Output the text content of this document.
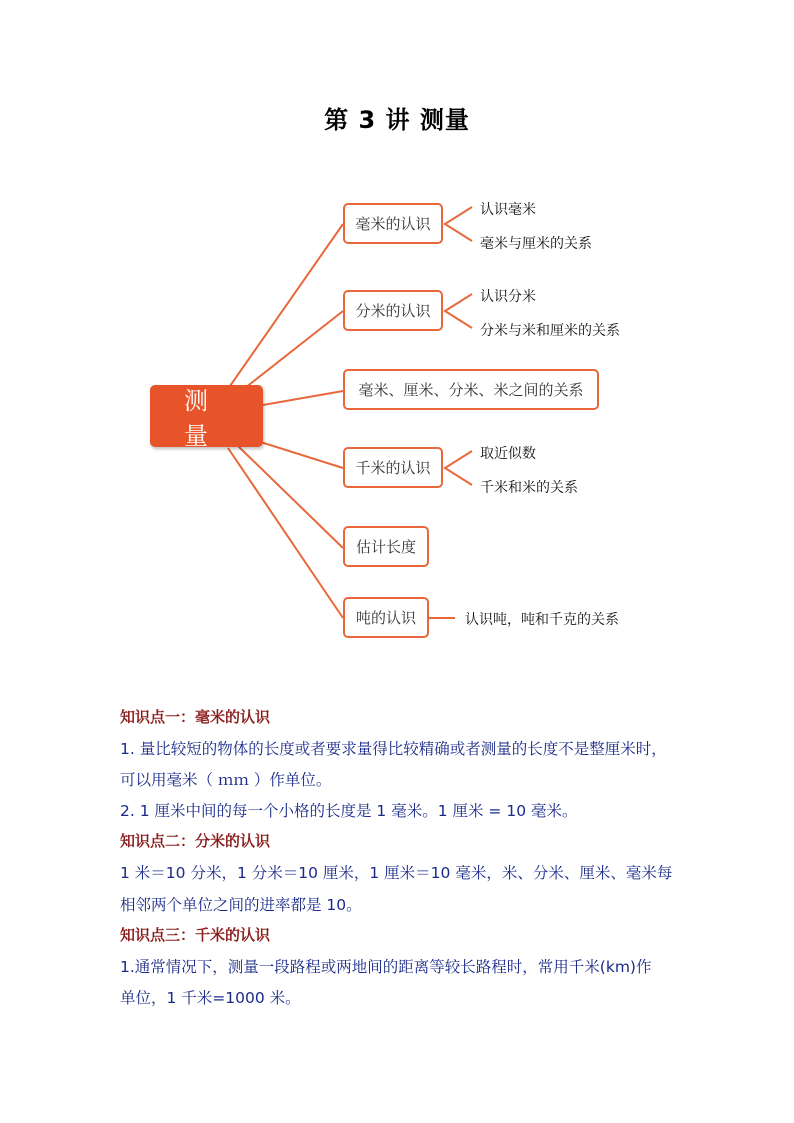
第 3 讲 测量
测 量
毫米的认识
分米的认识
毫米、厘米、分米、米之间的关系
千米的认识
估计长度
吨的认识
认识毫米
毫米与厘米的关系
认识分米
分米与米和厘米的关系
取近似数
千米和米的关系
认识吨，吨和千克的关系
知识点一：毫米的认识
1. 量比较短的物体的长度或者要求量得比较精确或者测量的长度不是整厘米时，
可以用毫米（ ｍｍ ）作单位。
2. 1 厘米中间的每一个小格的长度是 1 毫米。1 厘米 = 10 毫米。
知识点二：分米的认识
1 米＝10 分米，1 分米＝10 厘米，1 厘米＝10 毫米，米、分米、厘米、毫米每
相邻两个单位之间的进率都是 10。
知识点三：千米的认识
1.通常情况下，测量一段路程或两地间的距离等较长路程时，常用千米(km)作
单位，1 千米=1000 米。
